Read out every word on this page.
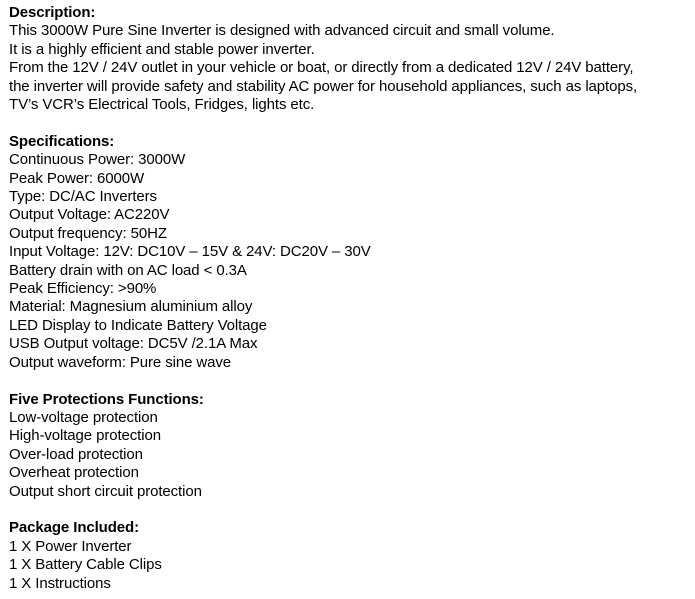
Description:

This 3000W Pure Sine Inverter is designed with advanced circuit and small volume.

It is a highly efficient and stable power inverter.

From the 12V / 24V outlet in your vehicle or boat, or directly from a dedicated 12V / 24V battery,

the inverter will provide safety and stability AC power for household appliances, such as laptops,

TV’s VCR’s Electrical Tools, Fridges, lights etc.

Specifications:

Continuous Power: 3000W

Peak Power: 6000W

Type: DC/AC Inverters

Output Voltage: AC220V

Output frequency: 50HZ

Input Voltage: 12V: DC10V – 15V & 24V: DC20V – 30V

Battery drain with on AC load < 0.3A

Peak Efficiency: >90%

Material: Magnesium aluminium alloy

LED Display to Indicate Battery Voltage

USB Output voltage: DC5V /2.1A Max

Output waveform: Pure sine wave

Five Protections Functions:

Low-voltage protection

High-voltage protection

Over-load protection

Overheat protection

Output short circuit protection

Package Included:

1 X Power Inverter

1 X Battery Cable Clips

1 X Instructions
